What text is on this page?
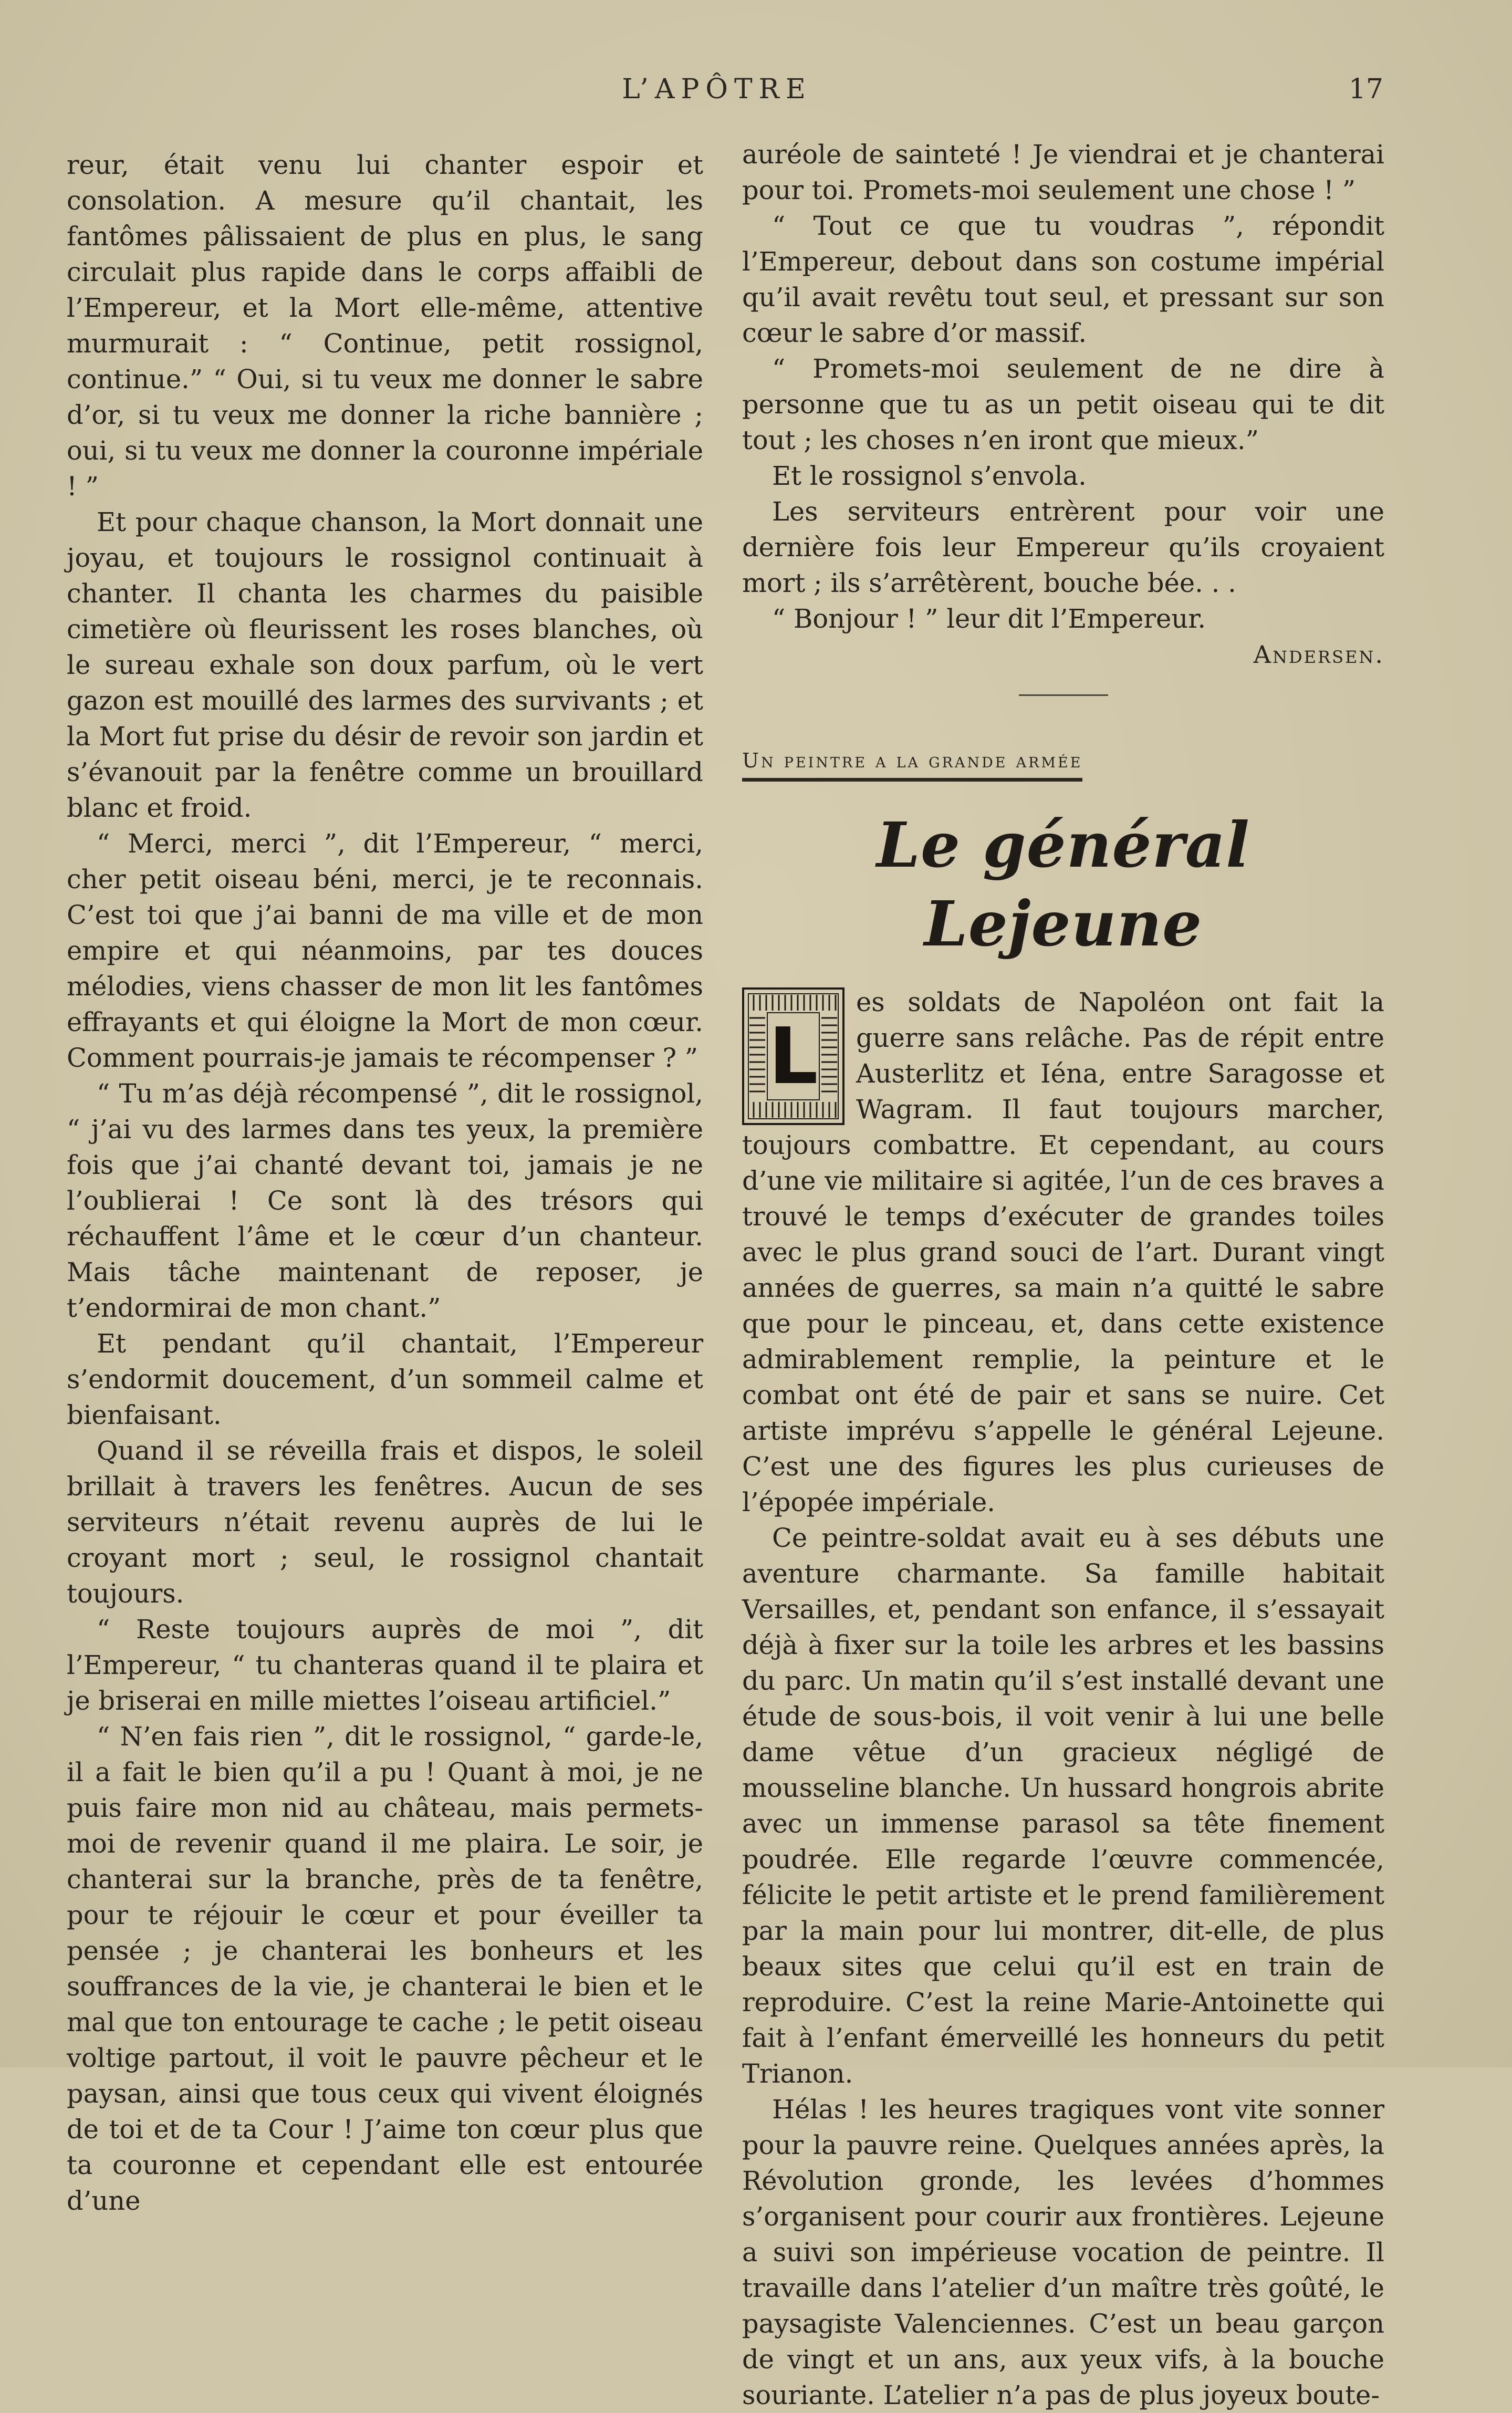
L’APÔTRE	17

reur, était venu lui chanter espoir et consolation. A mesure qu’il chantait, les fantômes pâlissaient de plus en plus, le sang circulait plus rapide dans le corps affaibli de l’Empereur, et la Mort elle-même, attentive murmurait : “ Continue, petit rossignol, continue.” “ Oui, si tu veux me donner le sabre d’or, si tu veux me donner la riche bannière ; oui, si tu veux me donner la couronne impériale ! ”

Et pour chaque chanson, la Mort donnait une joyau, et toujours le rossignol continuait à chanter. Il chanta les charmes du paisible cimetière où fleurissent les roses blanches, où le sureau exhale son doux parfum, où le vert gazon est mouillé des larmes des survivants ; et la Mort fut prise du désir de revoir son jardin et s’évanouit par la fenêtre comme un brouillard blanc et froid.

“ Merci, merci ”, dit l’Empereur, “ merci, cher petit oiseau béni, merci, je te reconnais. C’est toi que j’ai banni de ma ville et de mon empire et qui néanmoins, par tes douces mélodies, viens chasser de mon lit les fantômes effrayants et qui éloigne la Mort de mon cœur. Comment pourrais-je jamais te récompenser ? ”

“ Tu m’as déjà récompensé ”, dit le rossignol, “ j’ai vu des larmes dans tes yeux, la première fois que j’ai chanté devant toi, jamais je ne l’oublierai ! Ce sont là des trésors qui réchauffent l’âme et le cœur d’un chanteur. Mais tâche maintenant de reposer, je t’endormirai de mon chant.”

Et pendant qu’il chantait, l’Empereur s’endormit doucement, d’un sommeil calme et bienfaisant.

Quand il se réveilla frais et dispos, le soleil brillait à travers les fenêtres. Aucun de ses serviteurs n’était revenu auprès de lui le croyant mort ; seul, le rossignol chantait toujours.

“ Reste toujours auprès de moi ”, dit l’Empereur, “ tu chanteras quand il te plaira et je briserai en mille miettes l’oiseau artificiel.”

“ N’en fais rien ”, dit le rossignol, “ garde-le, il a fait le bien qu’il a pu ! Quant à moi, je ne puis faire mon nid au château, mais permets-moi de revenir quand il me plaira. Le soir, je chanterai sur la branche, près de ta fenêtre, pour te réjouir le cœur et pour éveiller ta pensée ; je chanterai les bonheurs et les souffrances de la vie, je chanterai le bien et le mal que ton entourage te cache ; le petit oiseau voltige partout, il voit le pauvre pêcheur et le paysan, ainsi que tous ceux qui vivent éloignés de toi et de ta Cour ! J’aime ton cœur plus que ta couronne et cependant elle est entourée d’une

auréole de sainteté ! Je viendrai et je chanterai pour toi. Promets-moi seulement une chose ! ”

“ Tout ce que tu voudras ”, répondit l’Empereur, debout dans son costume impérial qu’il avait revêtu tout seul, et pressant sur son cœur le sabre d’or massif.

“ Promets-moi seulement de ne dire à personne que tu as un petit oiseau qui te dit tout ; les choses n’en iront que mieux.”

Et le rossignol s’envola.

Les serviteurs entrèrent pour voir une dernière fois leur Empereur qu’ils croyaient mort ; ils s’arrêtèrent, bouche bée. . .

“ Bonjour ! ” leur dit l’Empereur.

Andersen.

Un peintre a la grande armée
Le général Lejeune
L

es soldats de Napoléon ont fait la guerre sans relâche. Pas de répit entre Austerlitz et Iéna, entre Saragosse et Wagram. Il faut toujours marcher, toujours combattre. Et cependant, au cours d’une vie militaire si agitée, l’un de ces braves a trouvé le temps d’exécuter de grandes toiles avec le plus grand souci de l’art. Durant vingt années de guerres, sa main n’a quitté le sabre que pour le pinceau, et, dans cette existence admirablement remplie, la peinture et le combat ont été de pair et sans se nuire. Cet artiste imprévu s’appelle le général Lejeune. C’est une des figures les plus curieuses de l’épopée impériale.

Ce peintre-soldat avait eu à ses débuts une aventure charmante. Sa famille habitait Versailles, et, pendant son enfance, il s’essayait déjà à fixer sur la toile les arbres et les bassins du parc. Un matin qu’il s’est installé devant une étude de sous-bois, il voit venir à lui une belle dame vêtue d’un gracieux négligé de mousseline blanche. Un hussard hongrois abrite avec un immense parasol sa tête finement poudrée. Elle regarde l’œuvre commencée, félicite le petit artiste et le prend familièrement par la main pour lui montrer, dit-elle, de plus beaux sites que celui qu’il est en train de reproduire. C’est la reine Marie-Antoinette qui fait à l’enfant émerveillé les honneurs du petit Trianon.

Hélas ! les heures tragiques vont vite sonner pour la pauvre reine. Quelques années après, la Révolution gronde, les levées d’hommes s’organisent pour courir aux frontières. Lejeune a suivi son impérieuse vocation de peintre. Il travaille dans l’atelier d’un maître très goûté, le paysagiste Valenciennes. C’est un beau garçon de vingt et un ans, aux yeux vifs, à la bouche souriante. L’atelier n’a pas de plus joyeux boute-
